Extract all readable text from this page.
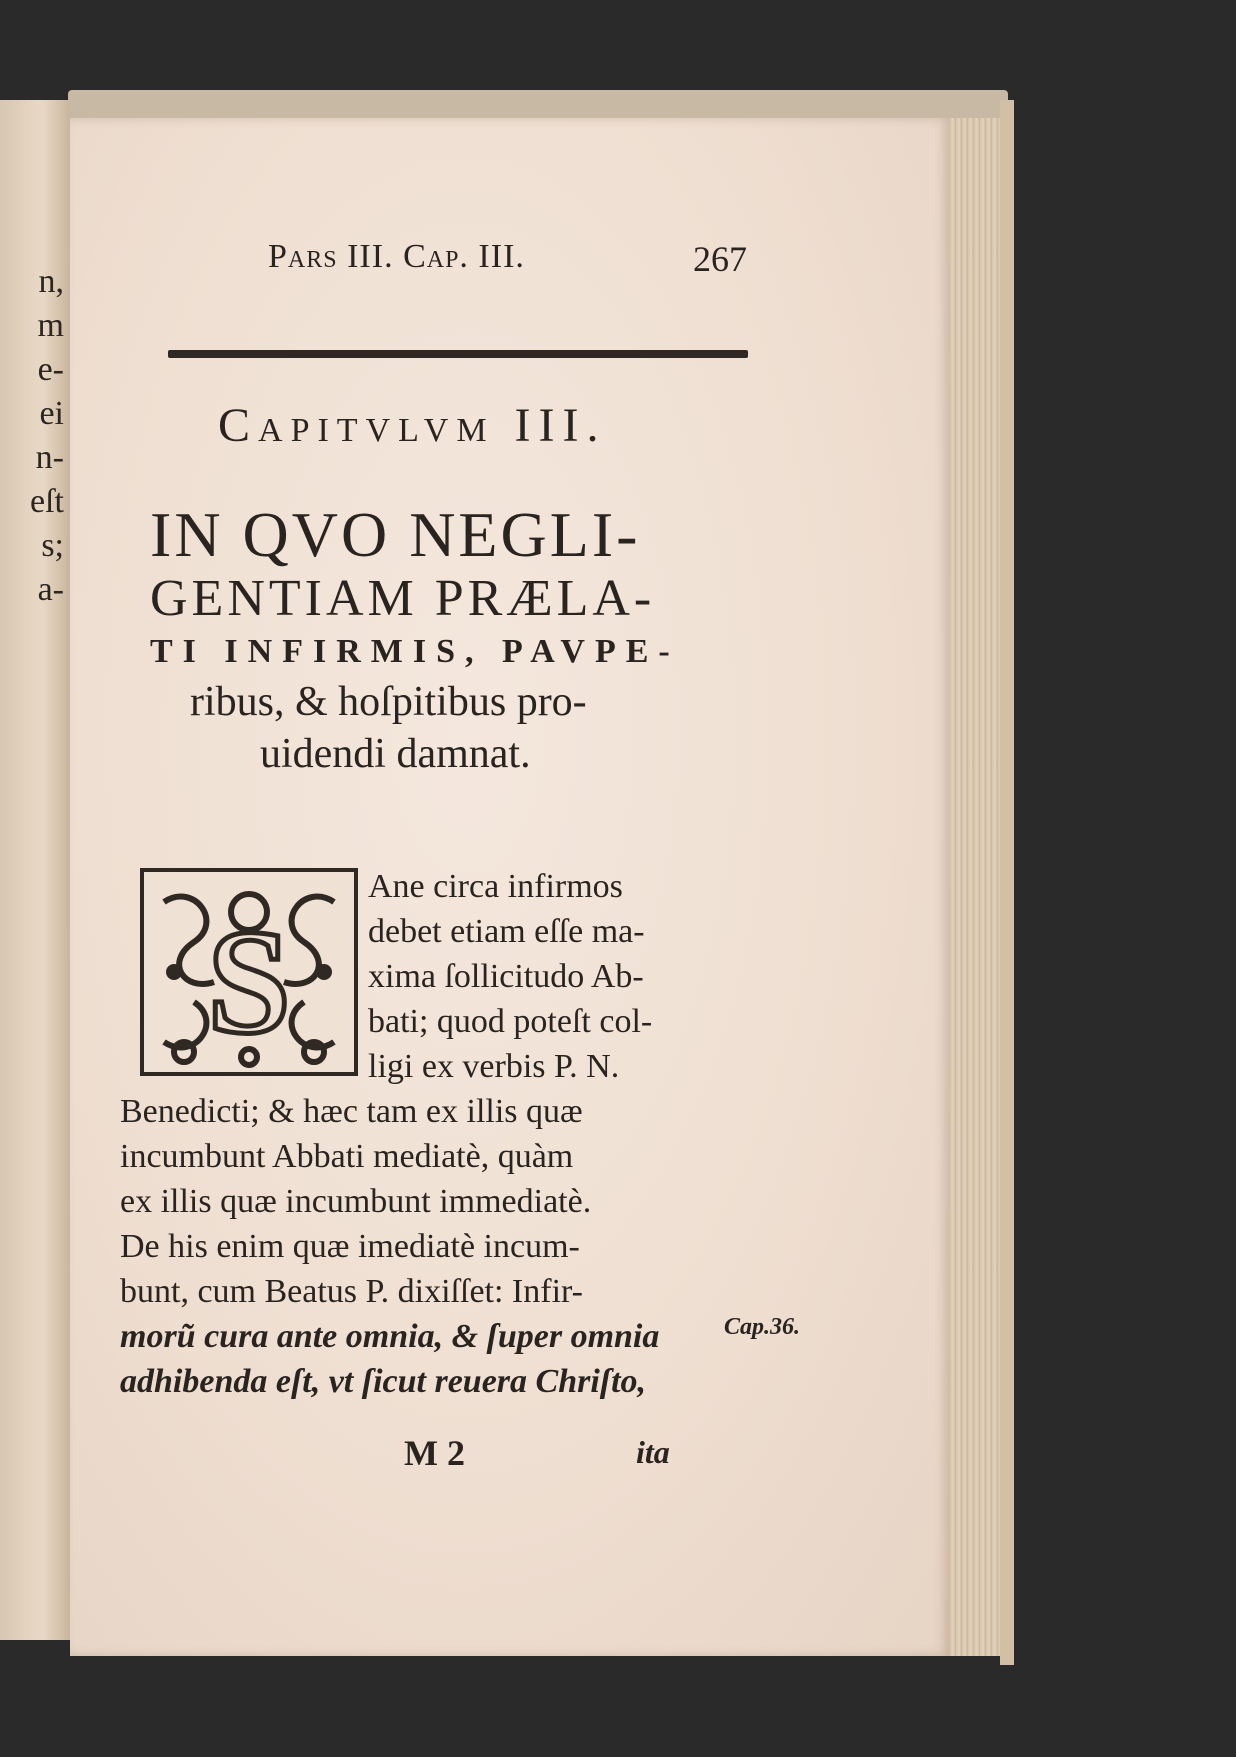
n,
m
e-
ei
n-
eſt
s;
a-
Pars III. Cap. III.	267
Capitvlvm III.
IN QVO NEGLI-
GENTIAM PRÆLA-
TI INFIRMIS, PAVPE-
ribus, & hoſpitibus pro-
uidendi damnat.
S
Ane circa infirmos
debet etiam eſſe ma-
xima ſollicitudo Ab-
bati; quod poteſt col-
ligi ex verbis P. N.
Benedicti; & hæc tam ex illis quæ
incumbunt Abbati mediatè, quàm
ex illis quæ incumbunt immediatè.
De his enim quæ imediatè incum-
bunt, cum Beatus P. dixiſſet: Infir-
morũ cura ante omnia, & ſuper omnia
adhibenda eſt, vt ſicut reuera Chriſto,
Cap.36.
M 2	ita
